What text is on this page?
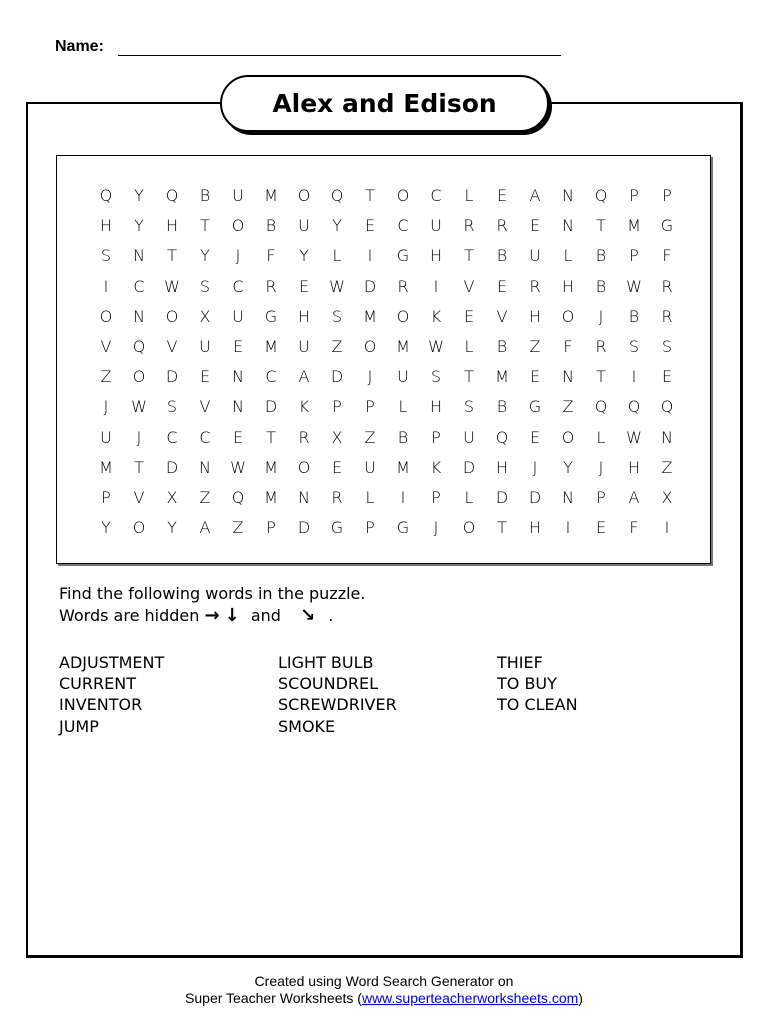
Name:
Alex and Edison
Q	Y	Q	B	U	M	O	Q	T	O	C	L	E	A	N	Q	P	P
H	Y	H	T	O	B	U	Y	E	C	U	R	R	E	N	T	M	G
S	N	T	Y	J	F	Y	L	I	G	H	T	B	U	L	B	P	F
I	C	W	S	C	R	E	W	D	R	I	V	E	R	H	B	W	R
O	N	O	X	U	G	H	S	M	O	K	E	V	H	O	J	B	R
V	Q	V	U	E	M	U	Z	O	M	W	L	B	Z	F	R	S	S
Z	O	D	E	N	C	A	D	J	U	S	T	M	E	N	T	I	E
J	W	S	V	N	D	K	P	P	L	H	S	B	G	Z	Q	Q	Q
U	J	C	C	E	T	R	X	Z	B	P	U	Q	E	O	L	W	N
M	T	D	N	W	M	O	E	U	M	K	D	H	J	Y	J	H	Z
P	V	X	Z	Q	M	N	R	L	I	P	L	D	D	N	P	A	X
Y	O	Y	A	Z	P	D	G	P	G	J	O	T	H	I	E	F	I
Find the following words in the puzzle.
Words are hidden → ↓ and ↘ .
ADJUSTMENT
CURRENT
INVENTOR
JUMP
LIGHT BULB
SCOUNDREL
SCREWDRIVER
SMOKE
THIEF
TO BUY
TO CLEAN
Created using Word Search Generator on
Super Teacher Worksheets (www.superteacherworksheets.com)
